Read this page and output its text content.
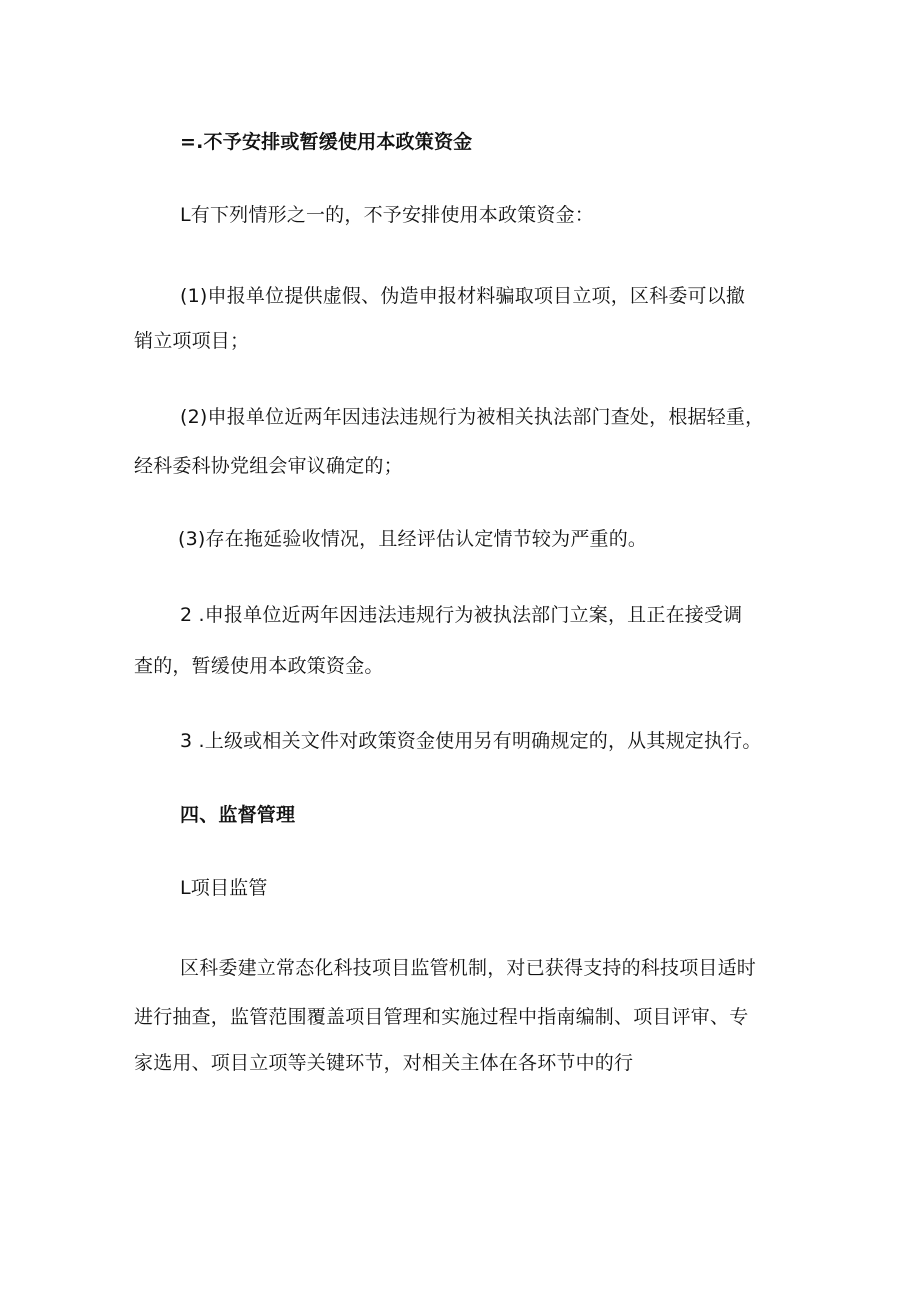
=.不予安排或暂缓使用本政策资金
L有下列情形之一的，不予安排使用本政策资金：
(1)申报单位提供虚假、伪造申报材料骗取项目立项，区科委可以撤
销立项项目；
(2)申报单位近两年因违法违规行为被相关执法部门查处，根据轻重，
经科委科协党组会审议确定的；
(3)存在拖延验收情况，且经评估认定情节较为严重的。
2 .申报单位近两年因违法违规行为被执法部门立案，且正在接受调
查的，暂缓使用本政策资金。
3 .上级或相关文件对政策资金使用另有明确规定的，从其规定执行。
四、监督管理
L项目监管
区科委建立常态化科技项目监管机制，对已获得支持的科技项目适时
进行抽查，监管范围覆盖项目管理和实施过程中指南编制、项目评审、专
家选用、项目立项等关键环节，对相关主体在各环节中的行
